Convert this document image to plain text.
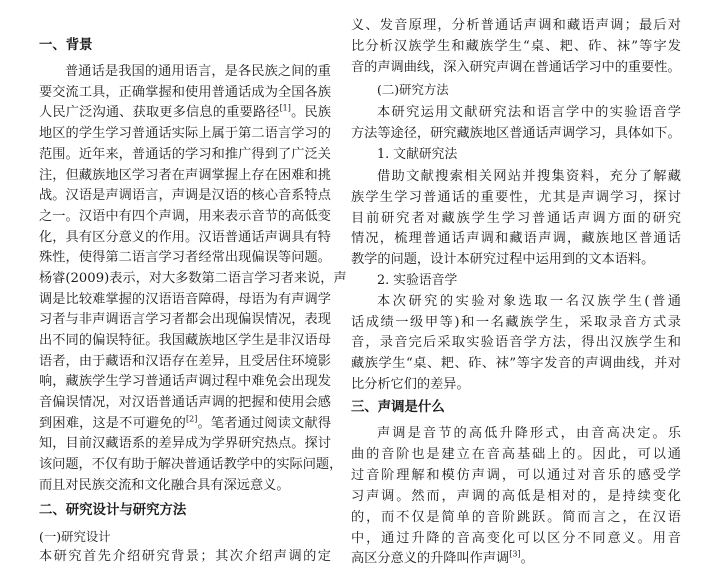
一、背景
普通话是我国的通用语言，是各民族之间的重
要交流工具，正确掌握和使用普通话成为全国各族
人民广泛沟通、获取更多信息的重要路径[1]。民族
地区的学生学习普通话实际上属于第二语言学习的
范围。近年来，普通话的学习和推广得到了广泛关
注，但藏族地区学习者在声调掌握上存在困难和挑
战。汉语是声调语言，声调是汉语的核心音系特点
之一。汉语中有四个声调，用来表示音节的高低变
化，具有区分意义的作用。汉语普通话声调具有特
殊性，使得第二语言学习者经常出现偏误等问题。
杨睿(2009)表示，对大多数第二语言学习者来说，声
调是比较难掌握的汉语语音障碍，母语为有声调学
习者与非声调语言学习者都会出现偏误情况，表现
出不同的偏误特征。我国藏族地区学生是非汉语母
语者，由于藏语和汉语存在差异，且受居住环境影
响，藏族学生学习普通话声调过程中难免会出现发
音偏误情况，对汉语普通话声调的把握和使用会感
到困难，这是不可避免的[2]。笔者通过阅读文献得
知，目前汉藏语系的差异成为学界研究热点。探讨
该问题，不仅有助于解决普通话教学中的实际问题，
而且对民族交流和文化融合具有深远意义。
二、研究设计与研究方法
(一)研究设计
本研究首先介绍研究背景；其次介绍声调的定
义、发音原理，分析普通话声调和藏语声调；最后对
比分析汉族学生和藏族学生“桌、耙、砟、袜”等字发
音的声调曲线，深入研究声调在普通话学习中的重要性。
(二)研究方法
本研究运用文献研究法和语言学中的实验语音学
方法等途径，研究藏族地区普通话声调学习，具体如下。
1. 文献研究法
借助文献搜索相关网站并搜集资料，充分了解藏
族学生学习普通话的重要性，尤其是声调学习，探讨
目前研究者对藏族学生学习普通话声调方面的研究
情况，梳理普通话声调和藏语声调，藏族地区普通话
教学的问题，设计本研究过程中运用到的文本语料。
2. 实验语音学
本次研究的实验对象选取一名汉族学生(普通
话成绩一级甲等)和一名藏族学生，采取录音方式录
音，录音完后采取实验语音学方法，得出汉族学生和
藏族学生“桌、耙、砟、袜”等字发音的声调曲线，并对
比分析它们的差异。
三、声调是什么
声调是音节的高低升降形式，由音高决定。乐
曲的音阶也是建立在音高基础上的。因此，可以通
过音阶理解和模仿声调，可以通过对音乐的感受学
习声调。然而，声调的高低是相对的，是持续变化
的，而不仅是简单的音阶跳跃。简而言之，在汉语
中，通过升降的音高变化可以区分不同意义。用音
高区分意义的升降叫作声调[3]。
